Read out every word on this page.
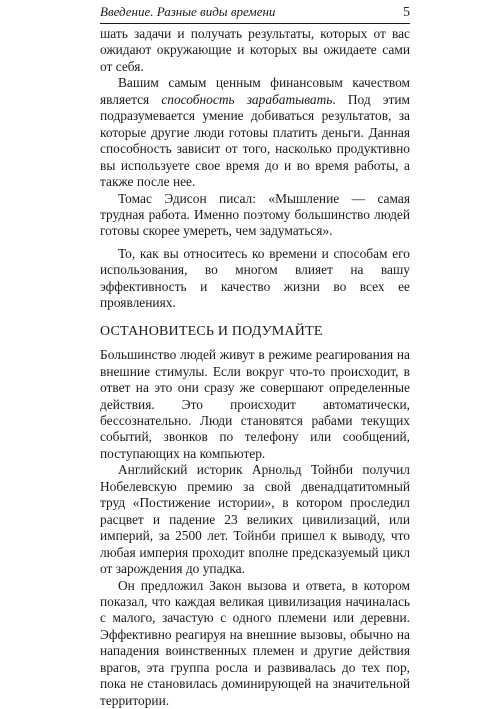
Введение. Разные виды времени	5

шать задачи и получать результаты, которых от вас ожидают окружающие и которых вы ожидаете сами от себя.

Вашим самым ценным финансовым качеством является способность зарабатывать. Под этим подразумевается умение добиваться результатов, за которые другие люди готовы платить деньги. Данная способность зависит от того, насколько продуктивно вы используете свое время до и во время работы, а также после нее.

Томас Эдисон писал: «Мышление — самая трудная работа. Именно поэтому большинство людей готовы скорее умереть, чем задуматься».

То, как вы относитесь ко времени и способам его использования, во многом влияет на вашу эффективность и качество жизни во всех ее проявлениях.

ОСТАНОВИТЕСЬ И ПОДУМАЙТЕ

Большинство людей живут в режиме реагирования на внешние стимулы. Если вокруг что-то происходит, в ответ на это они сразу же совершают определенные действия. Это происходит автоматически, бессознательно. Люди становятся рабами текущих событий, звонков по телефону или сообщений, поступающих на компьютер.

Английский историк Арнольд Тойнби получил Нобелевскую премию за свой двенадцатитомный труд «Постижение истории», в котором проследил расцвет и падение 23 великих цивилизаций, или империй, за 2500 лет. Тойнби пришел к выводу, что любая империя проходит вполне предсказуемый цикл от зарождения до упадка.

Он предложил Закон вызова и ответа, в котором показал, что каждая великая цивилизация начиналась с малого, зачастую с одного племени или деревни. Эффективно реагируя на внешние вызовы, обычно на нападения воинственных племен и другие действия врагов, эта группа росла и развивалась до тех пор, пока не становилась доминирующей на значительной территории.
